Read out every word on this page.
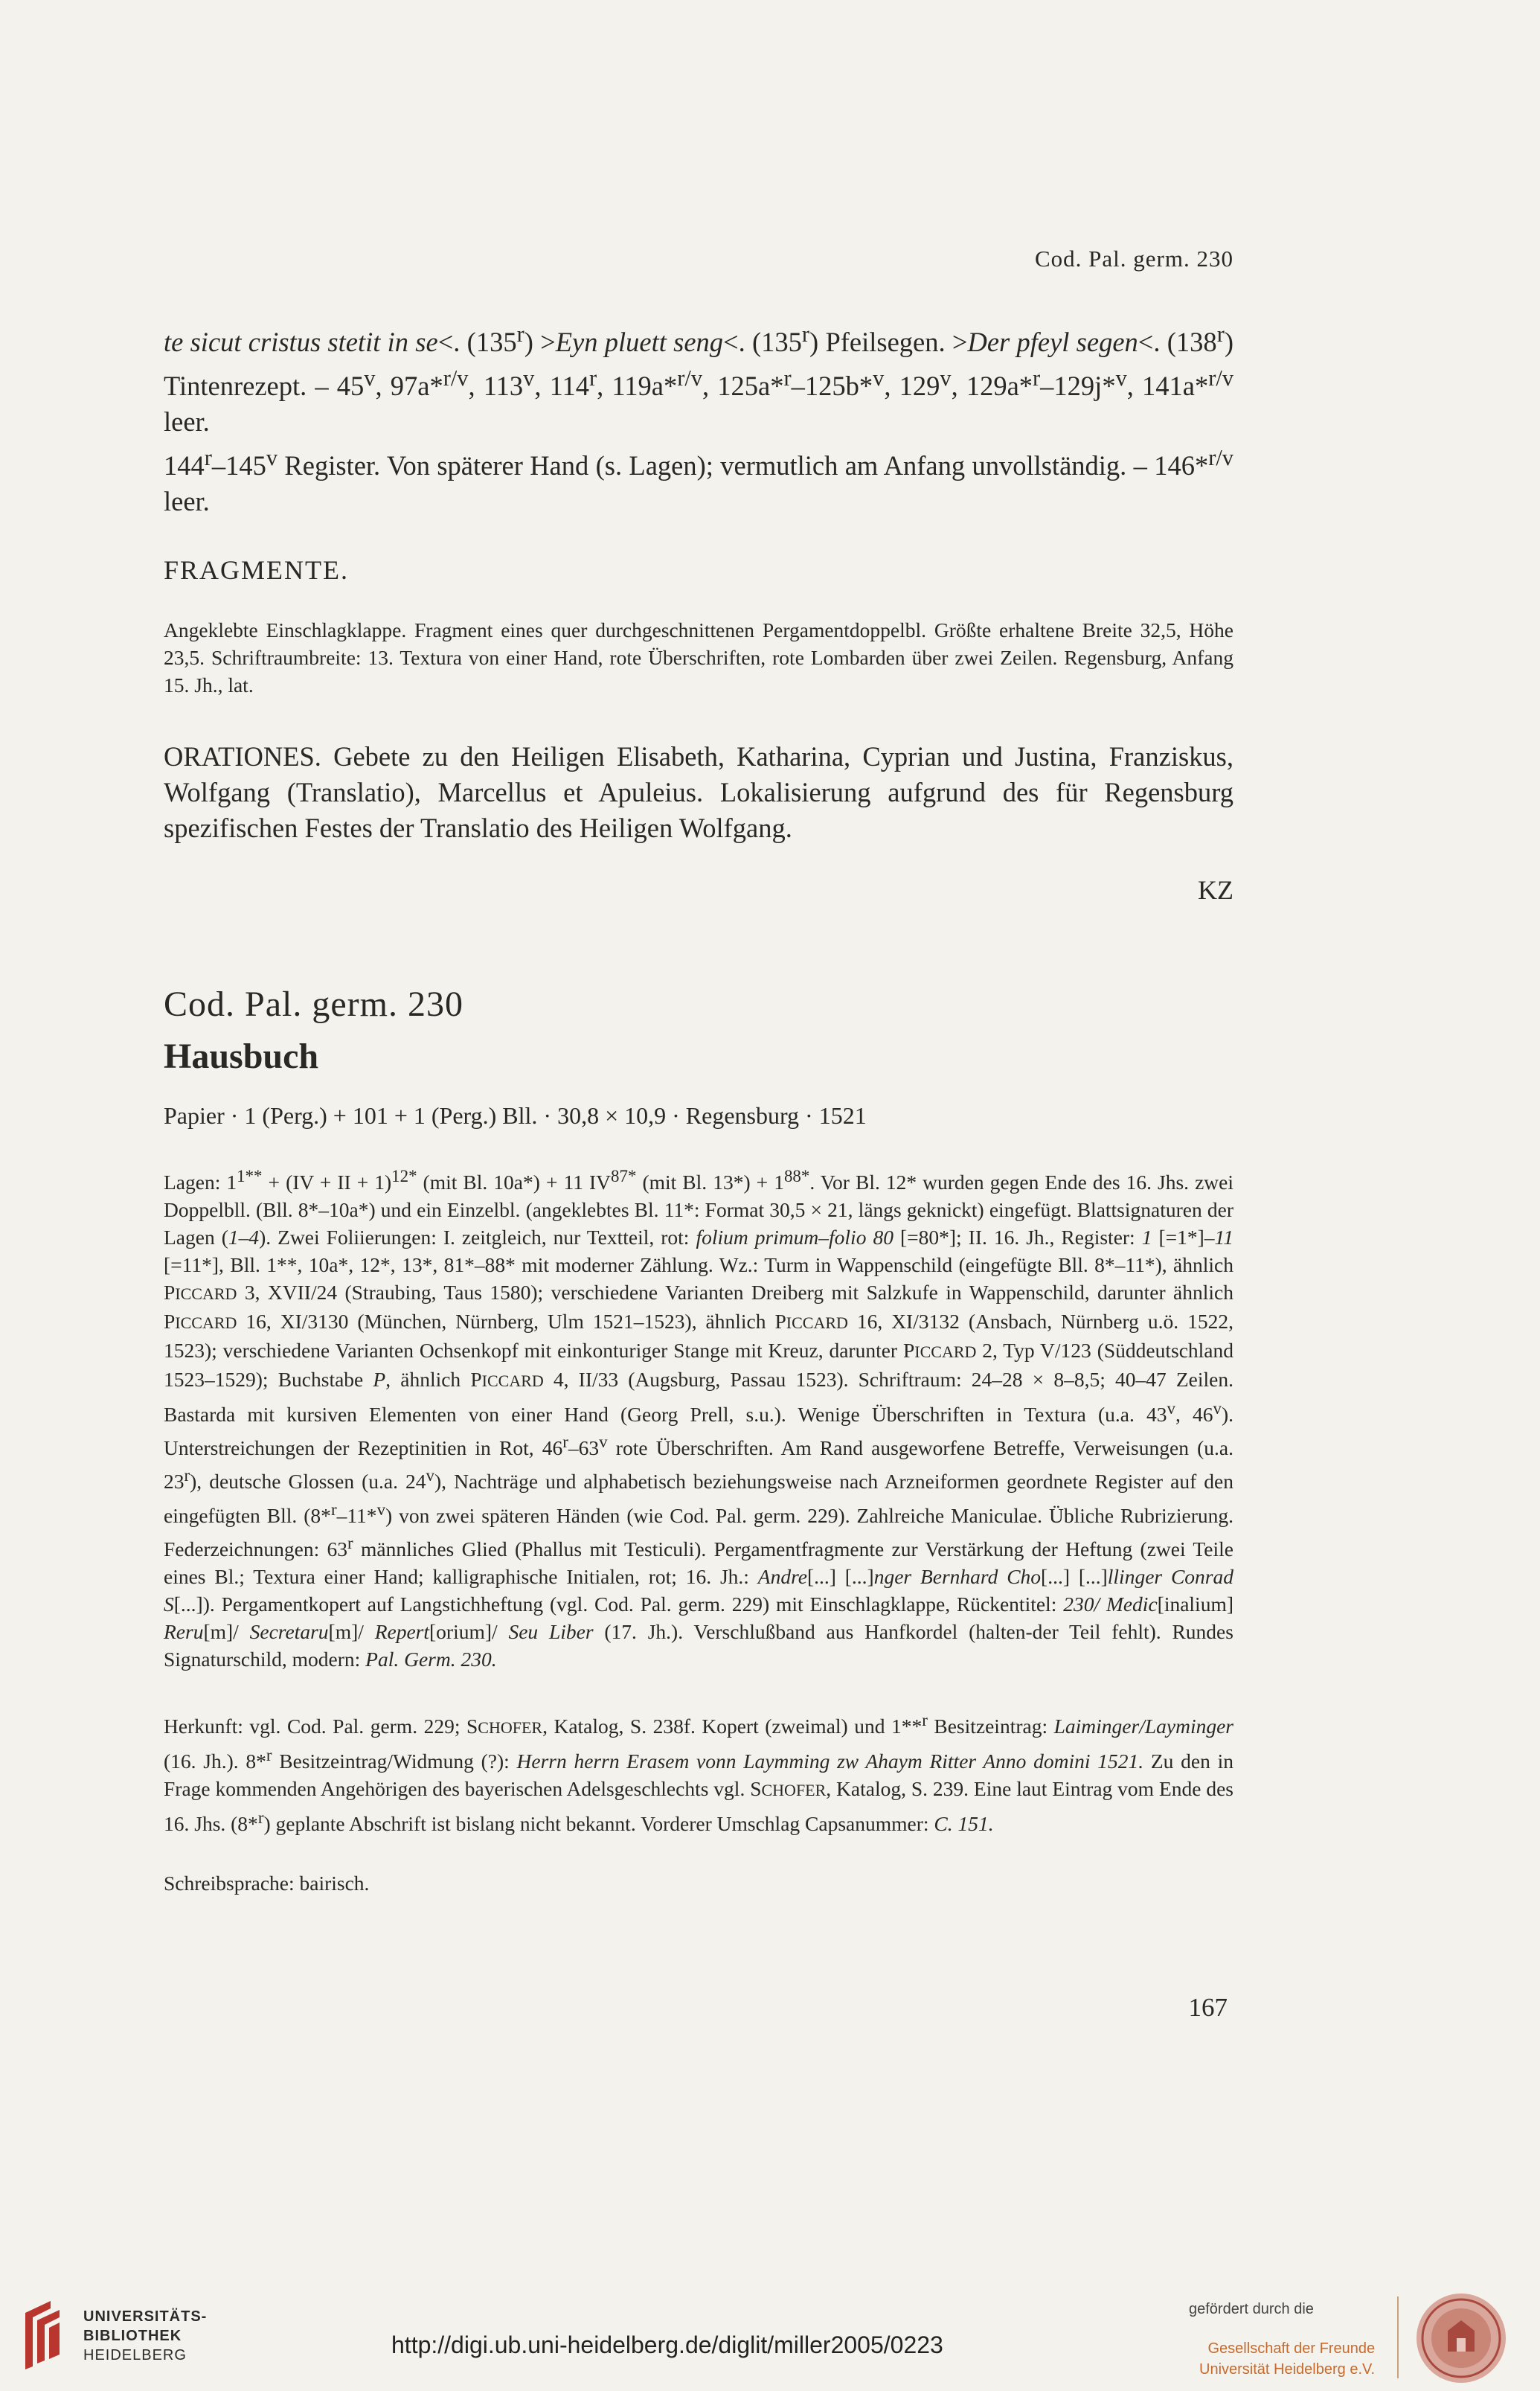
Cod. Pal. germ. 230

te sicut cristus stetit in se<. $(135^r) >Eyn$ pluett seng<. (135$^r$) Pfeilsegen. >Der pfeyl segen<. (138$^r$) Tintenrezept. – 45$^v$, 97a*$^{r/v}$, 113$^v$, 114$^r$, 119a*$^{r/v}$, 125a*$^r$–125b*$^v$, 129$^v$, 129a*$^r$–129j*$^v$, 141a*$^{r/v}$ leer.

144$^r$–145$^v$ Register. Von späterer Hand (s. Lagen); vermutlich am Anfang unvollständig. – 146*$^{r/v}$ leer.

FRAGMENTE.

Angeklebte Einschlagklappe. Fragment eines quer durchgeschnittenen Pergamentdoppelbl. Größte erhaltene Breite 32,5, Höhe 23,5. Schriftraumbreite: 13. Textura von einer Hand, rote Überschriften, rote Lombarden über zwei Zeilen. Regensburg, Anfang 15. Jh., lat.

ORATIONES. Gebete zu den Heiligen Elisabeth, Katharina, Cyprian und Justina, Franziskus, Wolfgang (Translatio), Marcellus et Apuleius. Lokalisierung aufgrund des für Regensburg spezifischen Festes der Translatio des Heiligen Wolfgang.

KZ

Cod. Pal. germ. 230

Hausbuch

Papier · 1 (Perg.) + 101 + 1 (Perg.) Bll. · 30,8 × 10,9 · Regensburg · 1521

Lagen: $1^{1**} + (IV$ + II + 1)$^{12*}$ (mit Bl. 10a*) + 11 $IV^{87*}$ (mit Bl. $13*) + 1^{88*}$. Vor Bl. 12* wurden gegen Ende des 16. Jhs. zwei Doppelbll. (Bll. 8*–10a*) und ein Einzelbl. (angeklebtes Bl. 11*: Format 30,5 × 21, längs geknickt) eingefügt. Blattsignaturen der Lagen (1–4). Zwei Foliierungen: I. zeitgleich, nur Textteil, rot: folium primum–folio 80 [=80*]; II. 16. Jh., Register: 1 [=1*]–11 [=11*], Bll. 1**, 10a*, 12*, 13*, 81*–88* mit moderner Zählung. Wz.: Turm in Wappenschild (eingefügte Bll. 8*–11*), ähnlich PICCARD 3, XVII/24 (Straubing, Taus 1580); verschiedene Varianten Dreiberg mit Salzkufe in Wappenschild, darunter ähnlich PICCARD 16, XI/3130 (München, Nürnberg, Ulm 1521–1523), ähnlich PICCARD 16, XI/3132 (Ansbach, Nürnberg u.ö. 1522, 1523); verschiedene Varianten Ochsenkopf mit einkonturiger Stange mit Kreuz, darunter PICCARD 2, Typ V/123 (Süddeutschland 1523–1529); Buchstabe P, ähnlich PICCARD 4, II/33 (Augsburg, Passau 1523). Schriftraum: 24–28 × 8–8,5; 40–47 Zeilen. Bastarda mit kursiven Elementen von einer Hand (Georg Prell, s.u.). Wenige Überschriften in Textura (u.a. 43$^v$, 46$^v$). Unterstreichungen der Rezeptinitien in Rot, 46$^r$–63$^v$ rote Überschriften. Am Rand ausgeworfene Betreffe, Verweisungen (u.a. 23$^r$), deutsche Glossen (u.a. 24$^v$), Nachträge und alphabetisch beziehungsweise nach Arzneiformen geordnete Register auf den eingefügten Bll. (8*$^r$–11*$^v$) von zwei späteren Händen (wie Cod. Pal. germ. 229). Zahlreiche Maniculae. Übliche Rubrizierung. Federzeichnungen: 63$^r$ männliches Glied (Phallus mit Testiculi). Pergamentfragmente zur Verstärkung der Heftung (zwei Teile eines Bl.; Textura einer Hand; kalligraphische Initialen, rot; 16. Jh.: Andre[...] [...]nger Bernhard Cho[...] [...]llinger Conrad S[...]). Pergamentkopert auf Langstichheftung (vgl. Cod. Pal. germ. 229) mit Einschlagklappe, Rückentitel: 230/ Medic[inalium] Reru[m]/ Secretaru[m]/ Repert[orium]/ Seu Liber (17. Jh.). Verschlußband aus Hanfkordel (halten-der Teil fehlt). Rundes Signaturschild, modern: Pal. Germ. 230.

Herkunft: vgl. Cod. Pal. germ. 229; SCHOFER, Katalog, S. 238f. Kopert (zweimal) und 1**$^r$ Besitzeintrag: Laiminger/Layminger (16. Jh.). 8*$^r$ Besitzeintrag/Widmung (?): Herrn herrn Erasem vonn Laymming zw Ahaym Ritter Anno domini 1521. Zu den in Frage kommenden Angehörigen des bayerischen Adelsgeschlechts vgl. SCHOFER, Katalog, S. 239. Eine laut Eintrag vom Ende des 16. Jhs. (8*$^r$) geplante Abschrift ist bislang nicht bekannt. Vorderer Umschlag Capsanummer: C. 151.

Schreibsprache: bairisch.

167
UNIVERSITÄTS-
BIBLIOTHEK
HEIDELBERG	http://digi.ub.uni-heidelberg.de/diglit/miller2005/0223
gefördert durch die
Gesellschaft der Freunde
Universität Heidelberg e.V.
